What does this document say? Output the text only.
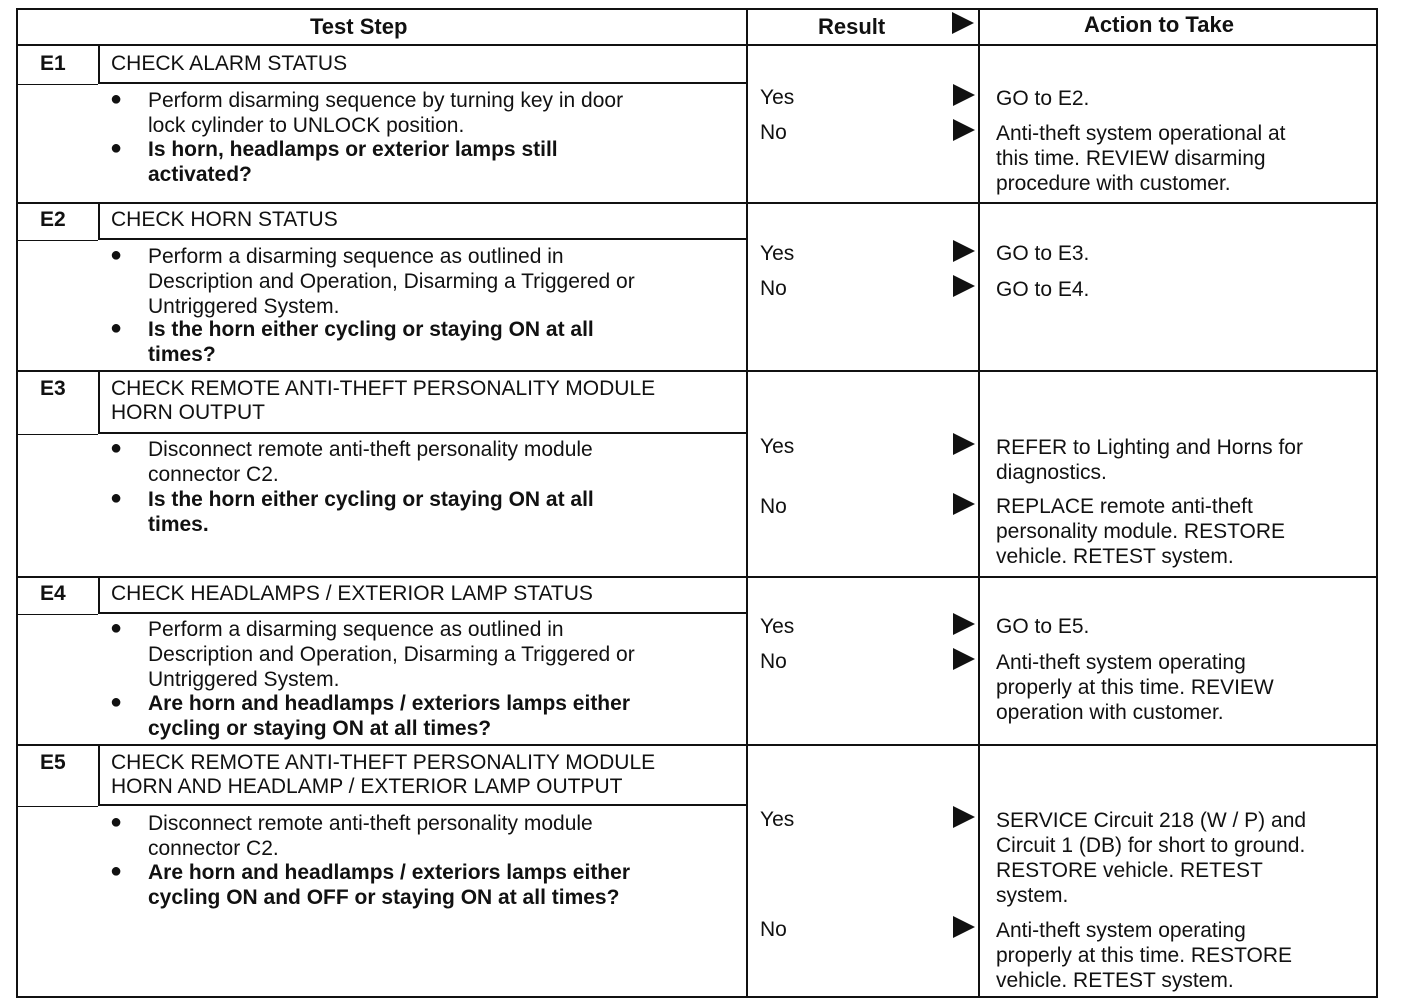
Test Step	Result	Action to Take
E1 CHECK ALARM STATUS
● Perform disarming sequence by turning key in door
lock cylinder to UNLOCK position.
● Is horn, headlamps or exterior lamps still
activated?
Yes	GO to E2.
No	Anti-theft system operational at
this time. REVIEW disarming
procedure with customer.
E2 CHECK HORN STATUS
● Perform a disarming sequence as outlined in
Description and Operation, Disarming a Triggered or
Untriggered System.
● Is the horn either cycling or staying ON at all
times?
Yes	GO to E3.
No	GO to E4.
E3 CHECK REMOTE ANTI-THEFT PERSONALITY MODULE
HORN OUTPUT
● Disconnect remote anti-theft personality module
connector C2.
● Is the horn either cycling or staying ON at all
times.
Yes	REFER to Lighting and Horns for
diagnostics.
No	REPLACE remote anti-theft
personality module. RESTORE
vehicle. RETEST system.
E4 CHECK HEADLAMPS / EXTERIOR LAMP STATUS
● Perform a disarming sequence as outlined in
Description and Operation, Disarming a Triggered or
Untriggered System.
● Are horn and headlamps / exteriors lamps either
cycling or staying ON at all times?
Yes	GO to E5.
No	Anti-theft system operating
properly at this time. REVIEW
operation with customer.
E5 CHECK REMOTE ANTI-THEFT PERSONALITY MODULE
HORN AND HEADLAMP / EXTERIOR LAMP OUTPUT
● Disconnect remote anti-theft personality module
connector C2.
● Are horn and headlamps / exteriors lamps either
cycling ON and OFF or staying ON at all times?
Yes	SERVICE Circuit 218 (W / P) and
Circuit 1 (DB) for short to ground.
RESTORE vehicle. RETEST
system.
No	Anti-theft system operating
properly at this time. RESTORE
vehicle. RETEST system.
